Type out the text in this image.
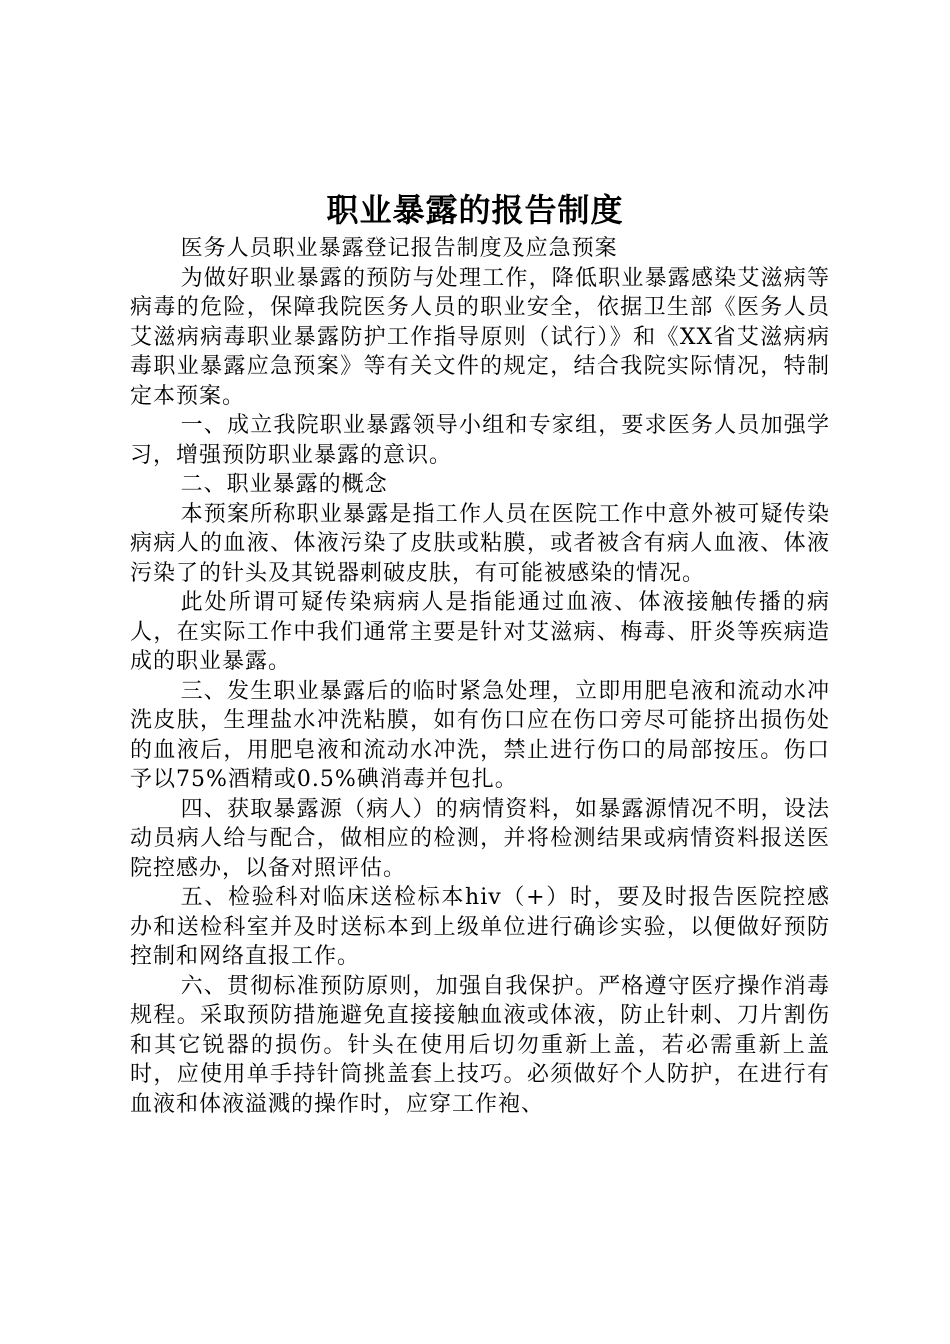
职业暴露的报告制度

医务人员职业暴露登记报告制度及应急预案

为做好职业暴露的预防与处理工作，降低职业暴露感染艾滋病等病毒的危险，保障我院医务人员的职业安全，依据卫生部《医务人员艾滋病病毒职业暴露防护工作指导原则（试行）》和《XX省艾滋病病毒职业暴露应急预案》等有关文件的规定，结合我院实际情况，特制定本预案。

一、成立我院职业暴露领导小组和专家组，要求医务人员加强学习，增强预防职业暴露的意识。

二、职业暴露的概念

本预案所称职业暴露是指工作人员在医院工作中意外被可疑传染病病人的血液、体液污染了皮肤或粘膜，或者被含有病人血液、体液污染了的针头及其锐器刺破皮肤，有可能被感染的情况。

此处所谓可疑传染病病人是指能通过血液、体液接触传播的病人，在实际工作中我们通常主要是针对艾滋病、梅毒、肝炎等疾病造成的职业暴露。

三、发生职业暴露后的临时紧急处理，立即用肥皂液和流动水冲洗皮肤，生理盐水冲洗粘膜，如有伤口应在伤口旁尽可能挤出损伤处的血液后，用肥皂液和流动水冲洗，禁止进行伤口的局部按压。伤口予以75%酒精或0.5%碘消毒并包扎。

四、获取暴露源（病人）的病情资料，如暴露源情况不明，设法动员病人给与配合，做相应的检测，并将检测结果或病情资料报送医院控感办，以备对照评估。

五、检验科对临床送检标本hiv（+）时，要及时报告医院控感办和送检科室并及时送标本到上级单位进行确诊实验，以便做好预防控制和网络直报工作。

六、贯彻标准预防原则，加强自我保护。严格遵守医疗操作消毒规程。采取预防措施避免直接接触血液或体液，防止针刺、刀片割伤和其它锐器的损伤。针头在使用后切勿重新上盖，若必需重新上盖时，应使用单手持针筒挑盖套上技巧。必须做好个人防护，在进行有血液和体液溢溅的操作时，应穿工作袍、
